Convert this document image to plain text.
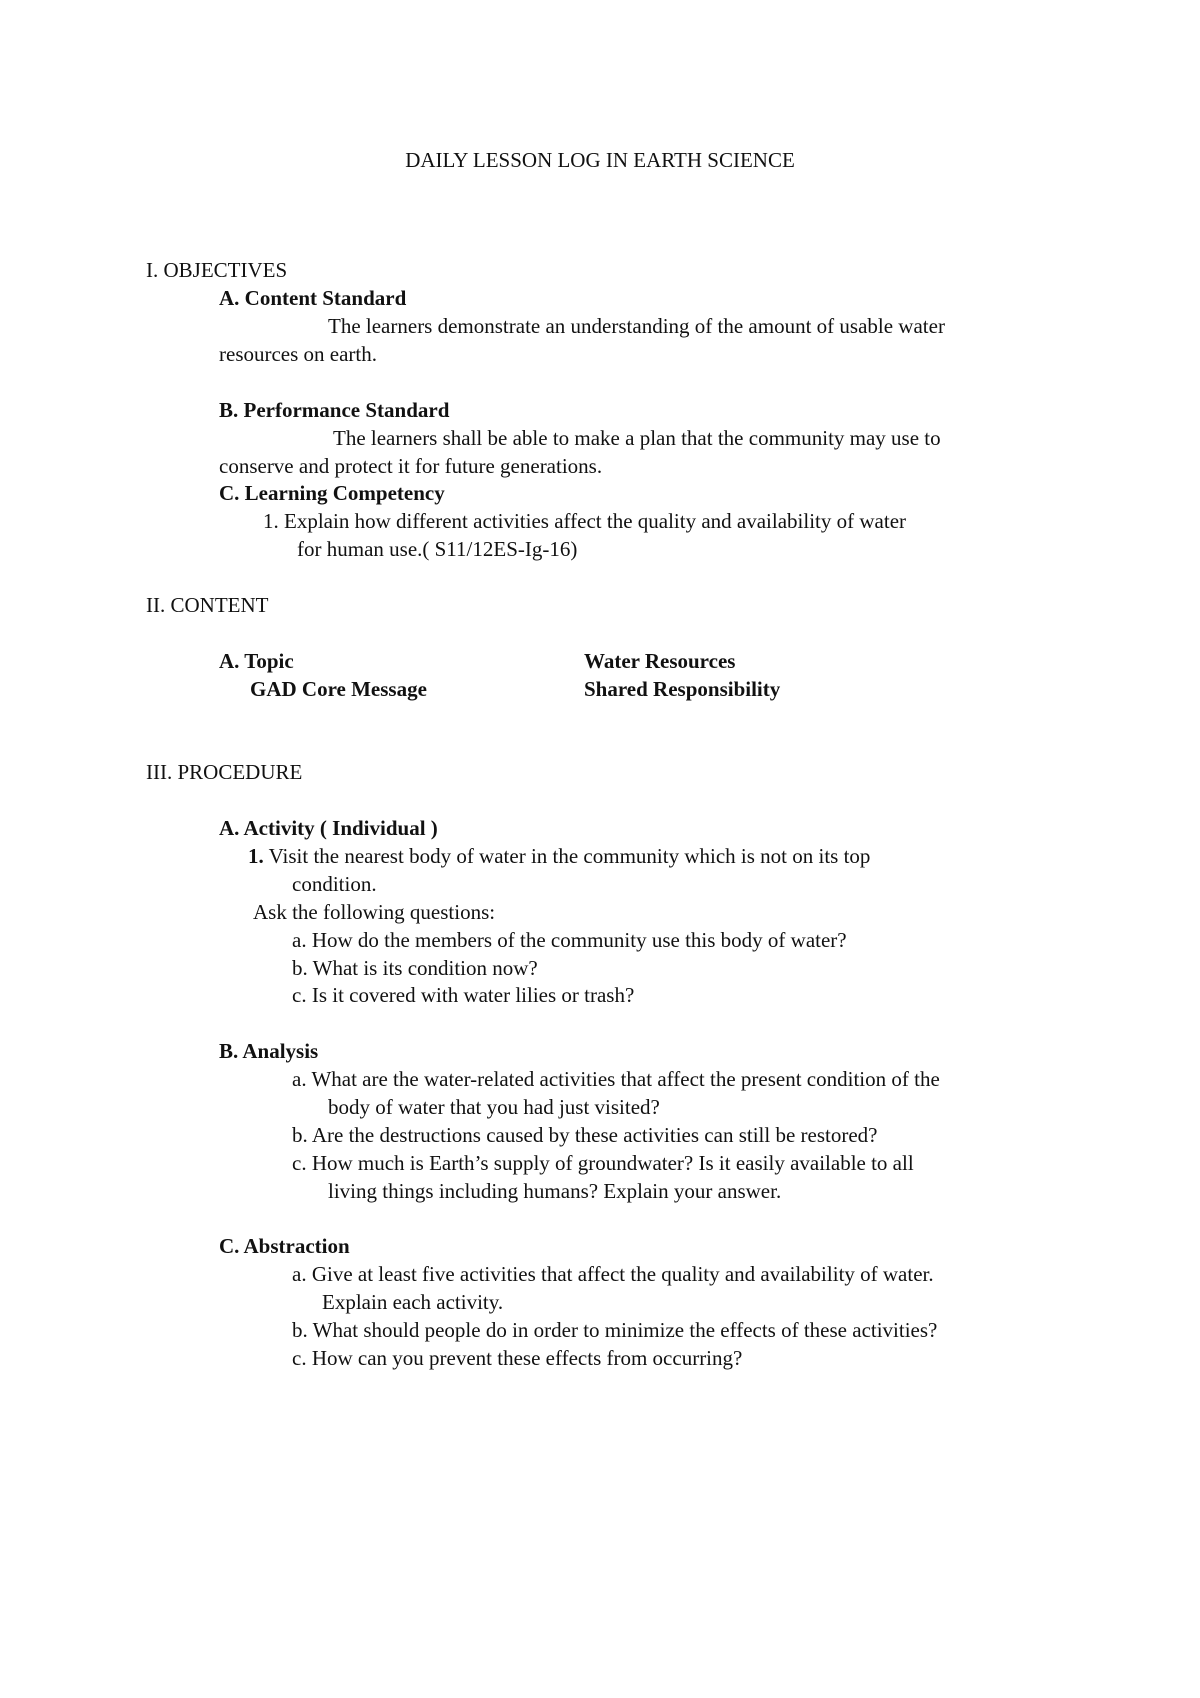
DAILY LESSON LOG IN EARTH SCIENCE
I. OBJECTIVES
A. Content Standard
The learners demonstrate an understanding of the amount of usable water
resources on earth.
B. Performance Standard
The learners shall be able to make a plan that the community may use to
conserve and protect it for future generations.
C. Learning Competency
1. Explain how different activities affect the quality and availability of water
for human use.( S11/12ES-Ig-16)
II. CONTENT
A. Topic	Water Resources
GAD Core Message	Shared Responsibility
III. PROCEDURE
A. Activity ( Individual )
1. Visit the nearest body of water in the community which is not on its top
condition.
Ask the following questions:
a. How do the members of the community use this body of water?
b. What is its condition now?
c. Is it covered with water lilies or trash?
B. Analysis
a. What are the water-related activities that affect the present condition of the
body of water that you had just visited?
b. Are the destructions caused by these activities can still be restored?
c. How much is Earth’s supply of groundwater? Is it easily available to all
living things including humans? Explain your answer.
C. Abstraction
a. Give at least five activities that affect the quality and availability of water.
Explain each activity.
b. What should people do in order to minimize the effects of these activities?
c. How can you prevent these effects from occurring?
